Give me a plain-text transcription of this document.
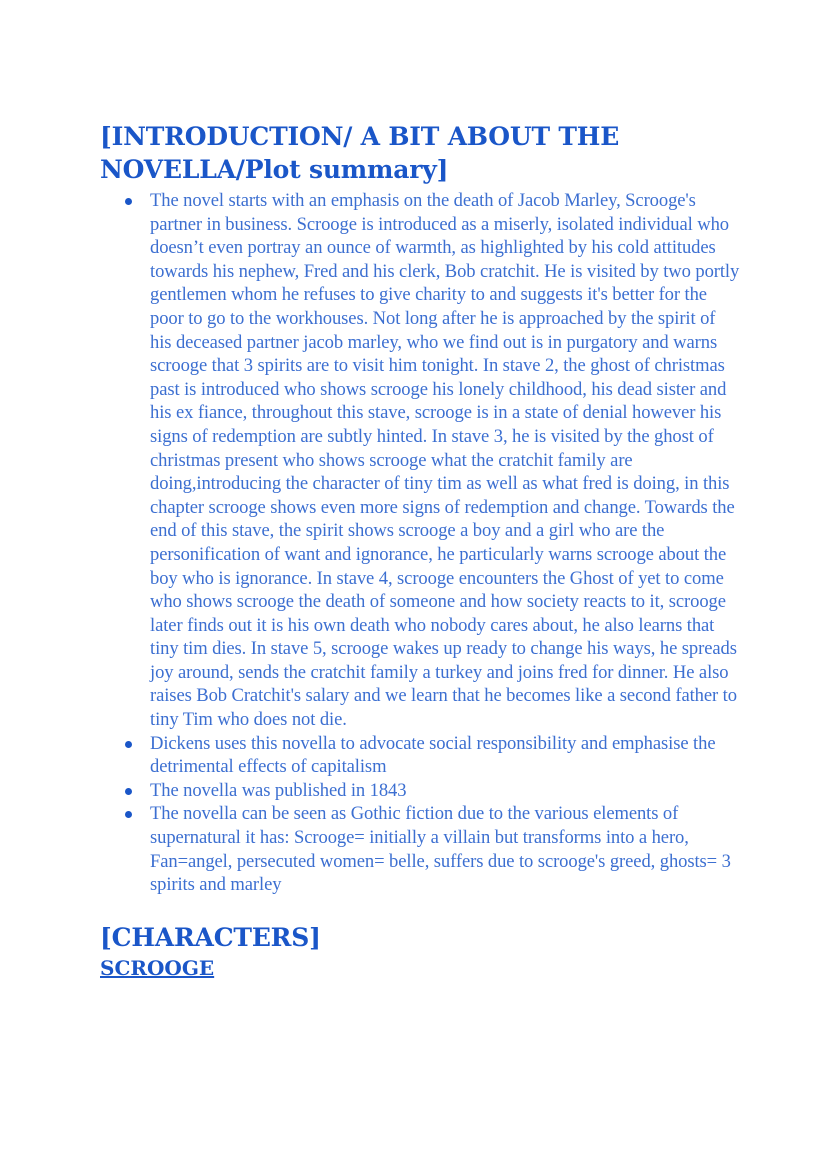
[INTRODUCTION/ A BIT ABOUT THE NOVELLA/Plot summary]
The novel starts with an emphasis on the death of Jacob Marley, Scrooge's partner in business. Scrooge is introduced as a miserly, isolated individual who doesn’t even portray an ounce of warmth, as highlighted by his cold attitudes towards his nephew, Fred and his clerk, Bob cratchit. He is visited by two portly gentlemen whom he refuses to give charity to and suggests it's better for the poor to go to the workhouses. Not long after he is approached by the spirit of his deceased partner jacob marley, who we find out is in purgatory and warns scrooge that 3 spirits are to visit him tonight. In stave 2, the ghost of christmas past is introduced who shows scrooge his lonely childhood, his dead sister and his ex fiance, throughout this stave, scrooge is in a state of denial however his signs of redemption are subtly hinted. In stave 3, he is visited by the ghost of christmas present who shows scrooge what the cratchit family are doing,introducing the character of tiny tim as well as what fred is doing, in this chapter scrooge shows even more signs of redemption and change. Towards the end of this stave, the spirit shows scrooge a boy and a girl who are the personification of want and ignorance, he particularly warns scrooge about the boy who is ignorance. In stave 4, scrooge encounters the Ghost of yet to come who shows scrooge the death of someone and how society reacts to it, scrooge later finds out it is his own death who nobody cares about, he also learns that tiny tim dies. In stave 5, scrooge wakes up ready to change his ways, he spreads joy around, sends the cratchit family a turkey and joins fred for dinner. He also raises Bob Cratchit's salary and we learn that he becomes like a second father to tiny Tim who does not die.
Dickens uses this novella to advocate social responsibility and emphasise the detrimental effects of capitalism
The novella was published in 1843
The novella can be seen as Gothic fiction due to the various elements of supernatural it has: Scrooge= initially a villain but transforms into a hero, Fan=angel, persecuted women= belle, suffers due to scrooge's greed, ghosts= 3 spirits and marley
[CHARACTERS]
SCROOGE
